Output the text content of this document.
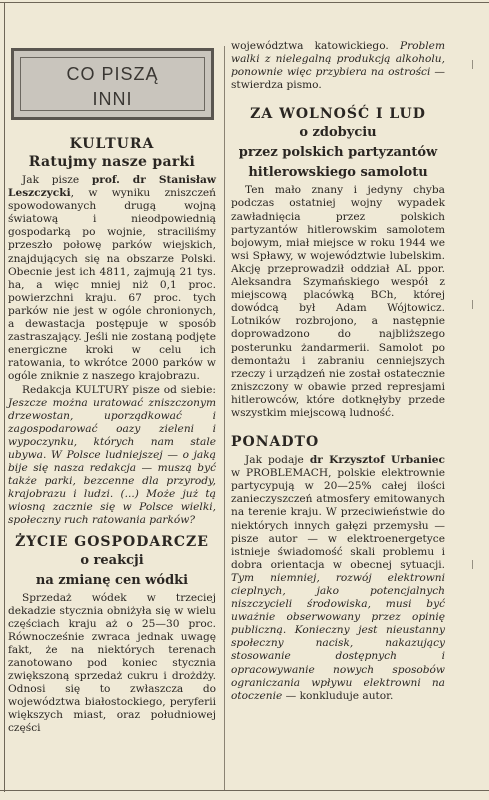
CO PISZĄ
INNI
KULTURA
Ratujmy nasze parki

Jak pisze prof. dr Stanisław Leszczycki, w wyniku zniszczeń spowodowanych drugą wojną światową i nieodpowiednią gospodarką po wojnie, straciliśmy przeszło połowę parków wiejskich, znajdujących się na obszarze Polski. Obecnie jest ich 4811, zajmują 21 tys. ha, a więc mniej niż 0,1 proc. powierzchni kraju. 67 proc. tych parków nie jest w ogóle chronionych, a dewastacja postępuje w sposób zastraszający. Jeśli nie zostaną podjęte energiczne kroki w celu ich ratowania, to wkrótce 2000 parków w ogóle zniknie z naszego krajobrazu.

Redakcja KULTURY pisze od siebie: Jeszcze można uratować zniszczonym drzewostan, uporządkować i zagospodarować oazy zieleni i wypoczynku, których nam stale ubywa. W Polsce ludniejszej — o jaką bije się nasza redakcja — muszą być także parki, bezcenne dla przyrody, krajobrazu i ludzi. (...) Może już tą wiosną zacznie się w Polsce wielki, społeczny ruch ratowania parków?

ŻYCIE GOSPODARCZE
o reakcji
na zmianę cen wódki

Sprzedaż wódek w trzeciej dekadzie stycznia obniżyła się w wielu częściach kraju aż o 25—30 proc. Równocześnie zwraca jednak uwagę fakt, że na niektórych terenach zanotowano pod koniec stycznia zwiększoną sprzedaż cukru i drożdży. Odnosi się to zwłaszcza do województwa białostockiego, peryferii większych miast, oraz południowej części

województwa katowickiego. Problem walki z nielegalną produkcją alkoholu, ponownie więc przybiera na ostrości — stwierdza pismo.

ZA WOLNOŚĆ I LUD
o zdobyciu
przez polskich partyzantów
hitlerowskiego samolotu

Ten mało znany i jedyny chyba podczas ostatniej wojny wypadek zawładnięcia przez polskich partyzantów hitlerowskim samolotem bojowym, miał miejsce w roku 1944 we wsi Spławy, w województwie lubelskim. Akcję przeprowadził oddział AL ppor. Aleksandra Szymańskiego wespół z miejscową placówką BCh, której dowódcą był Adam Wójtowicz. Lotników rozbrojono, a następnie doprowadzono do najbliższego posterunku żandarmerii. Samolot po demontażu i zabraniu cenniejszych rzeczy i urządzeń nie został ostatecznie zniszczony w obawie przed represjami hitlerowców, które dotknęłyby przede wszystkim miejscową ludność.

PONADTO

Jak podaje dr Krzysztof Urbaniec w PROBLEMACH, polskie elektrownie partycypują w 20—25% całej ilości zanieczyszczeń atmosfery emitowanych na terenie kraju. W przeciwieństwie do niektórych innych gałęzi przemysłu — pisze autor — w elektroenergetyce istnieje świadomość skali problemu i dobra orientacja w obecnej sytuacji. Tym niemniej, rozwój elektrowni cieplnych, jako potencjalnych niszczycieli środowiska, musi być uważnie obserwowany przez opinię publiczną. Konieczny jest nieustanny społeczny nacisk, nakazujący stosowanie dostępnych i opracowywanie nowych sposobów ograniczania wpływu elektrowni na otoczenie — konkluduje autor.

|
|
|
